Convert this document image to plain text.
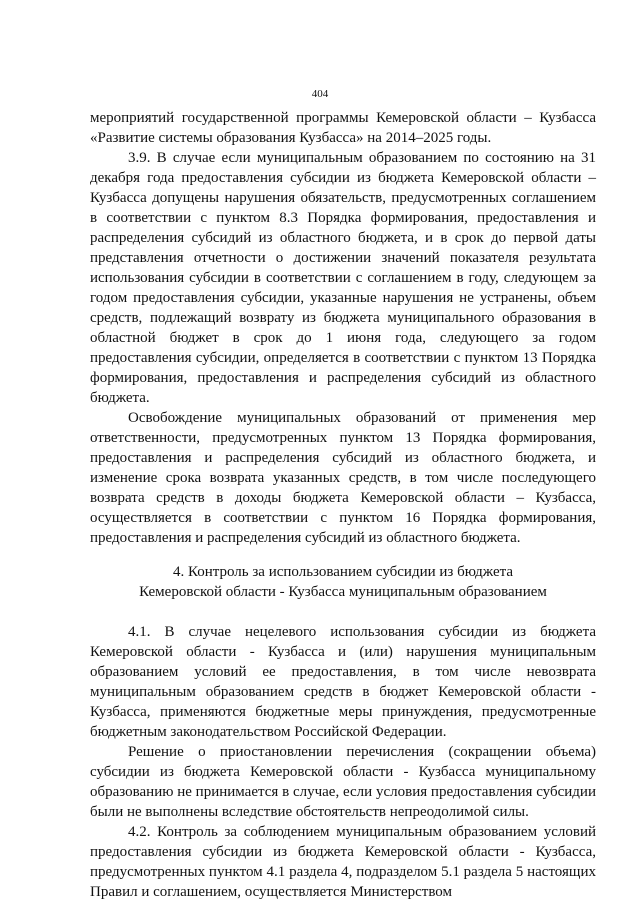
404

мероприятий государственной программы Кемеровской области – Кузбасса «Развитие системы образования Кузбасса» на 2014–2025 годы.

3.9. В случае если муниципальным образованием по состоянию на 31 декабря года предоставления субсидии из бюджета Кемеровской области – Кузбасса допущены нарушения обязательств, предусмотренных соглашением в соответствии с пунктом 8.3 Порядка формирования, предоставления и распределения субсидий из областного бюджета, и в срок до первой даты представления отчетности о достижении значений показателя результата использования субсидии в соответствии с соглашением в году, следующем за годом предоставления субсидии, указанные нарушения не устранены, объем средств, подлежащий возврату из бюджета муниципального образования в областной бюджет в срок до 1 июня года, следующего за годом предоставления субсидии, определяется в соответствии с пунктом 13 Порядка формирования, предоставления и распределения субсидий из областного бюджета.

Освобождение муниципальных образований от применения мер ответственности, предусмотренных пунктом 13 Порядка формирования, предоставления и распределения субсидий из областного бюджета, и изменение срока возврата указанных средств, в том числе последующего возврата средств в доходы бюджета Кемеровской области – Кузбасса, осуществляется в соответствии с пунктом 16 Порядка формирования, предоставления и распределения субсидий из областного бюджета.

4. Контроль за использованием субсидии из бюджета
Кемеровской области - Кузбасса муниципальным образованием

4.1. В случае нецелевого использования субсидии из бюджета Кемеровской области - Кузбасса и (или) нарушения муниципальным образованием условий ее предоставления, в том числе невозврата муниципальным образованием средств в бюджет Кемеровской области - Кузбасса, применяются бюджетные меры принуждения, предусмотренные бюджетным законодательством Российской Федерации.

Решение о приостановлении перечисления (сокращении объема) субсидии из бюджета Кемеровской области - Кузбасса муниципальному образованию не принимается в случае, если условия предоставления субсидии были не выполнены вследствие обстоятельств непреодолимой силы.

4.2. Контроль за соблюдением муниципальным образованием условий предоставления субсидии из бюджета Кемеровской области - Кузбасса, предусмотренных пунктом 4.1 раздела 4, подразделом 5.1 раздела 5 настоящих Правил и соглашением, осуществляется Министерством
